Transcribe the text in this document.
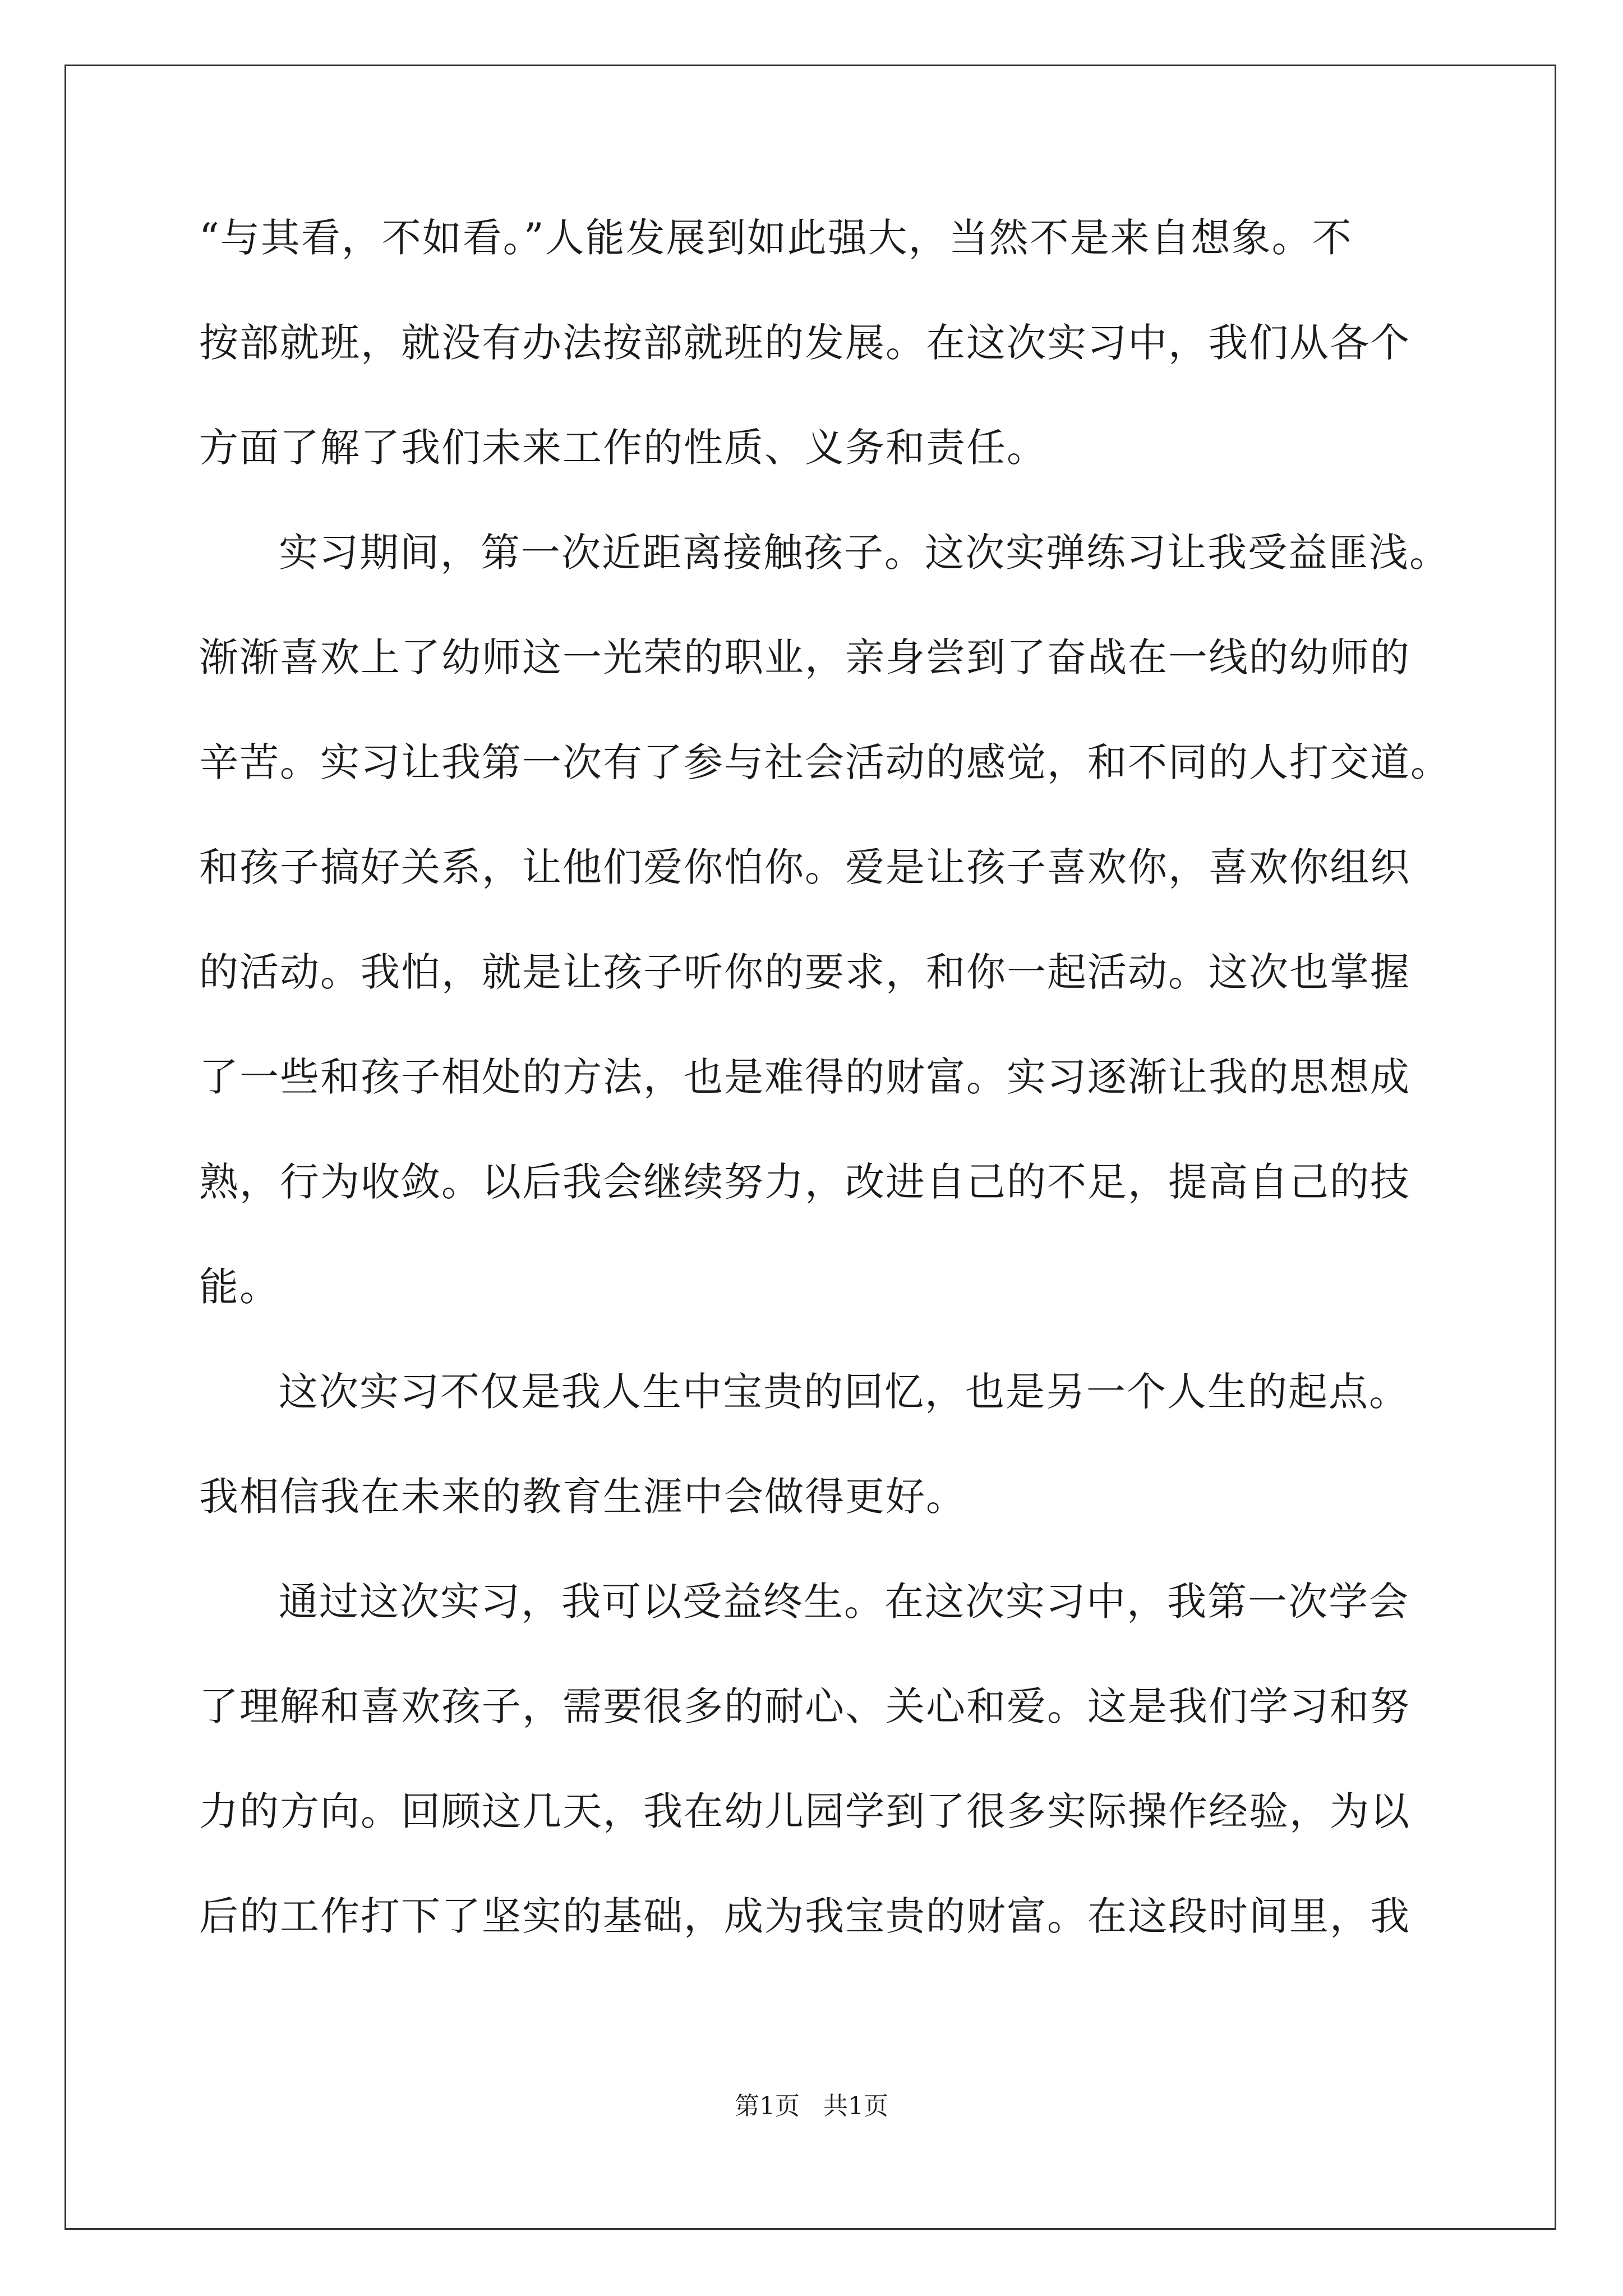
“与其看，不如看。”人能发展到如此强大，当然不是来自想象。不
按部就班，就没有办法按部就班的发展。在这次实习中，我们从各个
方面了解了我们未来工作的性质、义务和责任。
实习期间，第一次近距离接触孩子。这次实弹练习让我受益匪浅。
渐渐喜欢上了幼师这一光荣的职业，亲身尝到了奋战在一线的幼师的
辛苦。实习让我第一次有了参与社会活动的感觉，和不同的人打交道。
和孩子搞好关系，让他们爱你怕你。爱是让孩子喜欢你，喜欢你组织
的活动。我怕，就是让孩子听你的要求，和你一起活动。这次也掌握
了一些和孩子相处的方法，也是难得的财富。实习逐渐让我的思想成
熟，行为收敛。以后我会继续努力，改进自己的不足，提高自己的技
能。
这次实习不仅是我人生中宝贵的回忆，也是另一个人生的起点。
我相信我在未来的教育生涯中会做得更好。
通过这次实习，我可以受益终生。在这次实习中，我第一次学会
了理解和喜欢孩子，需要很多的耐心、关心和爱。这是我们学习和努
力的方向。回顾这几天，我在幼儿园学到了很多实际操作经验，为以
后的工作打下了坚实的基础，成为我宝贵的财富。在这段时间里，我
第1页   共1页
